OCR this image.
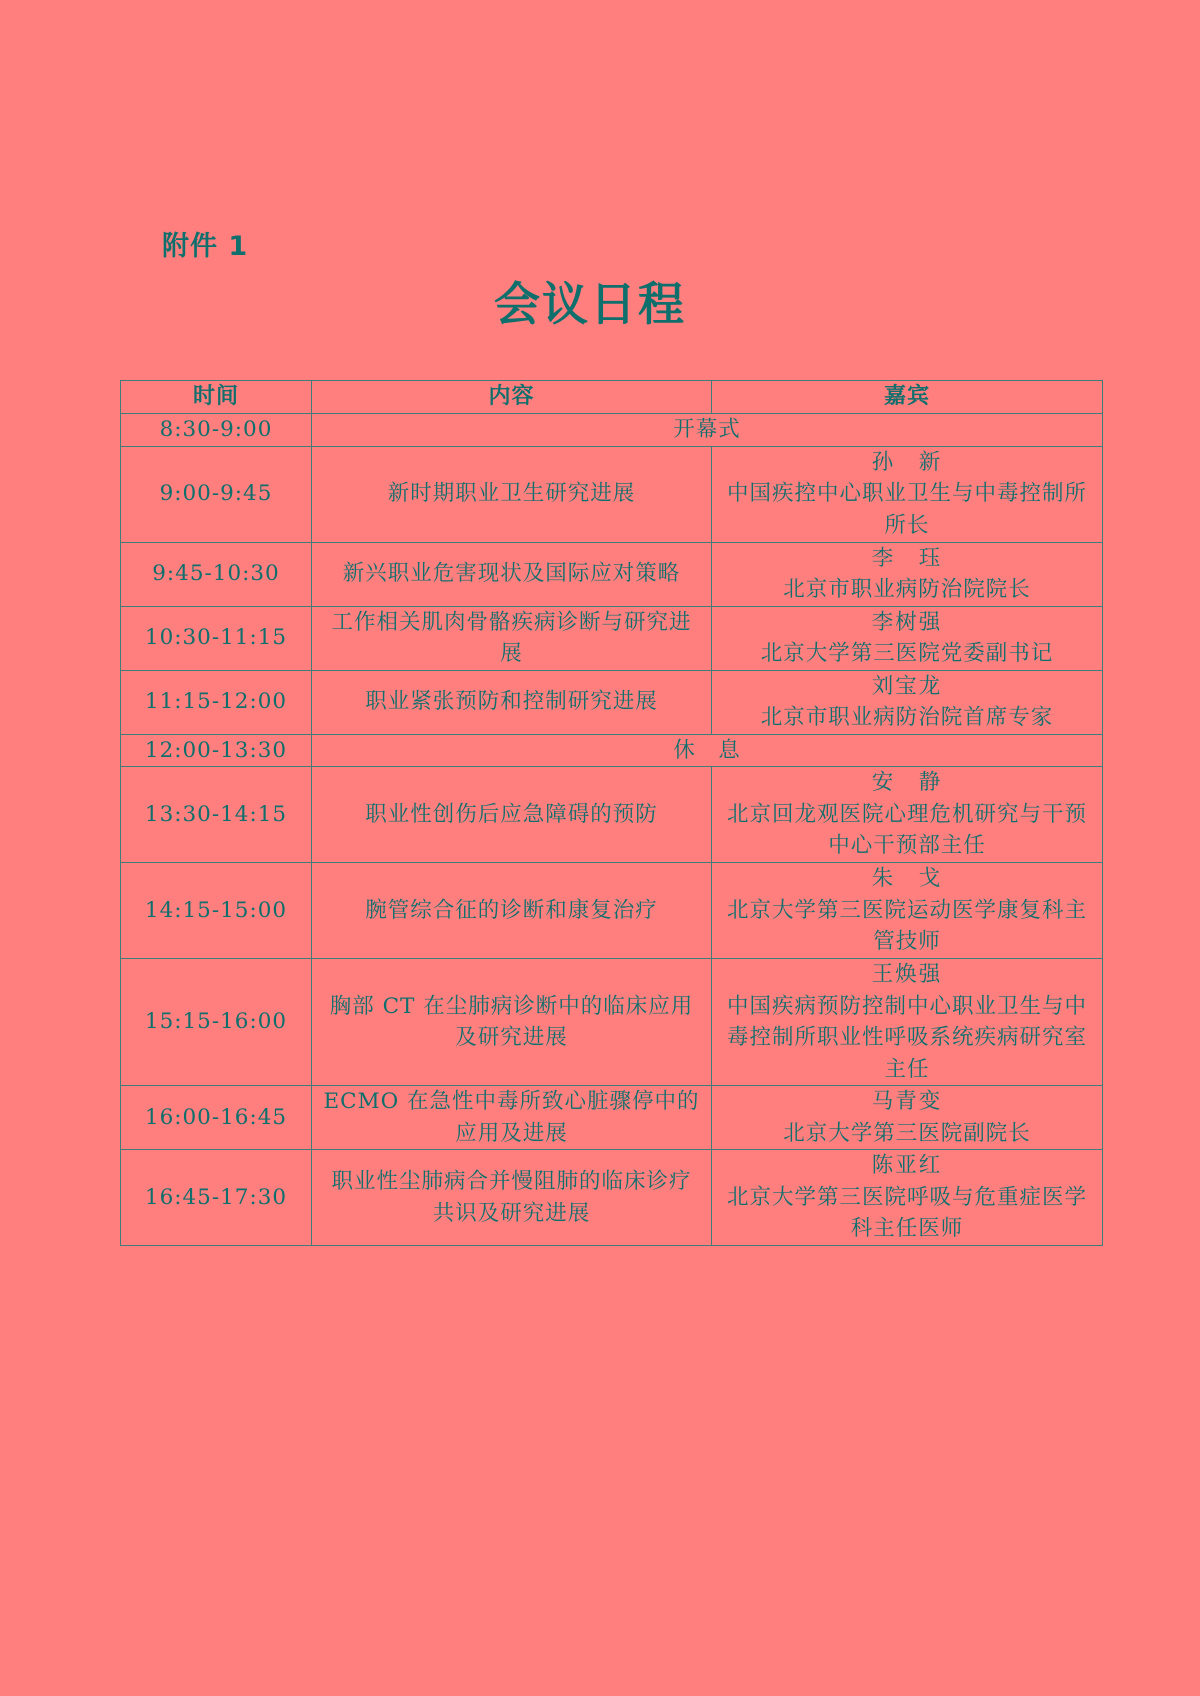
附件 1
会议日程
时间	内容	嘉宾
8:30-9:00	开幕式	
9:00-9:45	新时期职业卫生研究进展	孙　新
中国疾控中心职业卫生与中毒控制所所长

9:45-10:30	新兴职业危害现状及国际应对策略	李　珏
北京市职业病防治院院长

10:30-11:15	工作相关肌肉骨骼疾病诊断与研究进展	李树强
北京大学第三医院党委副书记

11:15-12:00	职业紧张预防和控制研究进展	刘宝龙
北京市职业病防治院首席专家

12:00-13:30	休　息	
13:30-14:15	职业性创伤后应急障碍的预防	安　静
北京回龙观医院心理危机研究与干预中心干预部主任

14:15-15:00	腕管综合征的诊断和康复治疗	朱　戈
北京大学第三医院运动医学康复科主管技师

15:15-16:00	胸部 CT 在尘肺病诊断中的临床应用及研究进展	王焕强
中国疾病预防控制中心职业卫生与中毒控制所职业性呼吸系统疾病研究室主任

16:00-16:45	ECMO 在急性中毒所致心脏骤停中的应用及进展	马青变
北京大学第三医院副院长

16:45-17:30	职业性尘肺病合并慢阻肺的临床诊疗共识及研究进展	陈亚红
北京大学第三医院呼吸与危重症医学科主任医师
